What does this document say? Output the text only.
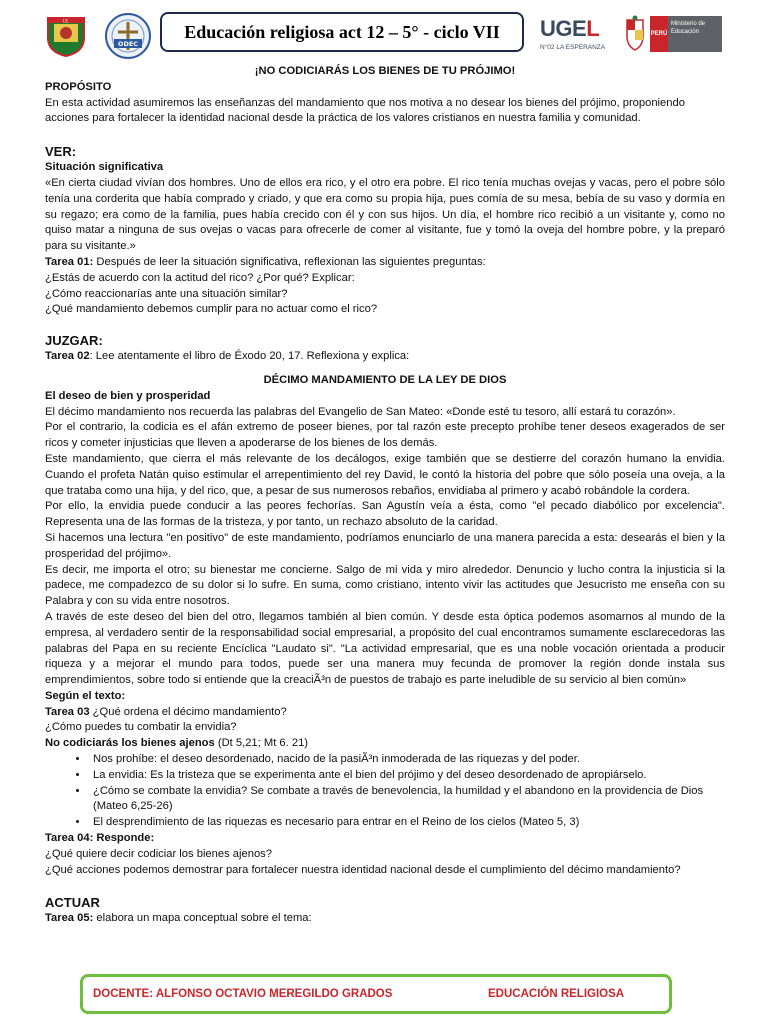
I.E.
ODEC
Educación religiosa act 12 – 5° - ciclo VII	UGEL
N°02 LA ESPERANZA
PERÚ
Ministerio de Educación

¡NO CODICIARÁS LOS BIENES DE TU PRÓJIMO!

PROPÓSITO

En esta actividad asumiremos las enseñanzas del mandamiento que nos motiva a no desear los bienes del prójimo, proponiendo acciones para fortalecer la identidad nacional desde la práctica de los valores cristianos en nuestra familia y comunidad.

VER:

Situación significativa

«En cierta ciudad vivían dos hombres. Uno de ellos era rico, y el otro era pobre. El rico tenía muchas ovejas y vacas, pero el pobre sólo tenía una corderita que había comprado y criado, y que era como su propia hija, pues comía de su mesa, bebía de su vaso y dormía en su regazo; era como de la familia, pues había crecido con él y con sus hijos. Un día, el hombre rico recibió a un visitante y, como no quiso matar a ninguna de sus ovejas o vacas para ofrecerle de comer al visitante, fue y tomó la oveja del hombre pobre, y la preparó para su visitante.»

Tarea 01: Después de leer la situación significativa, reflexionan las siguientes preguntas:

¿Estás de acuerdo con la actitud del rico? ¿Por qué? Explicar:

¿Cómo reaccionarías ante una situación similar?

¿Qué mandamiento debemos cumplir para no actuar como el rico?

JUZGAR:

Tarea 02: Lee atentamente el libro de Éxodo 20, 17. Reflexiona y explica:

DÉCIMO MANDAMIENTO DE LA LEY DE DIOS

El deseo de bien y prosperidad

El décimo mandamiento nos recuerda las palabras del Evangelio de San Mateo: «Donde esté tu tesoro, allí estará tu corazón».

Por el contrario, la codicia es el afán extremo de poseer bienes, por tal razón este precepto prohíbe tener deseos exagerados de ser ricos y cometer injusticias que lleven a apoderarse de los bienes de los demás.

Este mandamiento, que cierra el más relevante de los decálogos, exige también que se destierre del corazón humano la envidia. Cuando el profeta Natán quiso estimular el arrepentimiento del rey David, le contó la historia del pobre que sólo poseía una oveja, a la que trataba como una hija, y del rico, que, a pesar de sus numerosos rebaños, envidiaba al primero y acabó robándole la cordera.

Por ello, la envidia puede conducir a las peores fechorías. San Agustín veía a ésta, como "el pecado diabólico por excelencia". Representa una de las formas de la tristeza, y por tanto, un rechazo absoluto de la caridad.

Si hacemos una lectura "en positivo" de este mandamiento, podríamos enunciarlo de una manera parecida a esta: desearás el bien y la prosperidad del prójimo».

Es decir, me importa el otro; su bienestar me concierne. Salgo de mi vida y miro alrededor. Denuncio y lucho contra la injusticia si la padece, me compadezco de su dolor si lo sufre. En suma, como cristiano, intento vivir las actitudes que Jesucristo me enseña con su Palabra y con su vida entre nosotros.

A través de este deseo del bien del otro, llegamos también al bien común. Y desde esta óptica podemos asomarnos al mundo de la empresa, al verdadero sentir de la responsabilidad social empresarial, a propósito del cual encontramos sumamente esclarecedoras las palabras del Papa en su reciente Encíclica "Laudato si". "La actividad empresarial, que es una noble vocación orientada a producir riqueza y a mejorar el mundo para todos, puede ser una manera muy fecunda de promover la región donde instala sus emprendimientos, sobre todo si entiende que la creaciÃ³n de puestos de trabajo es parte ineludible de su servicio al bien común»

Según el texto:

Tarea 03 ¿Qué ordena el décimo mandamiento?

¿Cómo puedes tu combatir la envidia?

No codiciarás los bienes ajenos (Dt 5,21; Mt 6. 21)

• Nos prohíbe: el deseo desordenado, nacido de la pasiÃ³n inmoderada de las riquezas y del poder.
• La envidia: Es la tristeza que se experimenta ante el bien del prójimo y del deseo desordenado de apropiárselo.
• ¿Cómo se combate la envidia? Se combate a través de benevolencia, la humildad y el abandono en la providencia de Dios (Mateo 6,25-26)
• El desprendimiento de las riquezas es necesario para entrar en el Reino de los cielos (Mateo 5, 3)

Tarea 04: Responde:

¿Qué quiere decir codiciar los bienes ajenos?

¿Qué acciones podemos demostrar para fortalecer nuestra identidad nacional desde el cumplimiento del décimo mandamiento?

ACTUAR

Tarea 05: elabora un mapa conceptual sobre el tema:

DOCENTE: ALFONSO OCTAVIO MEREGILDO GRADOS	EDUCACIÓN RELIGIOSA
